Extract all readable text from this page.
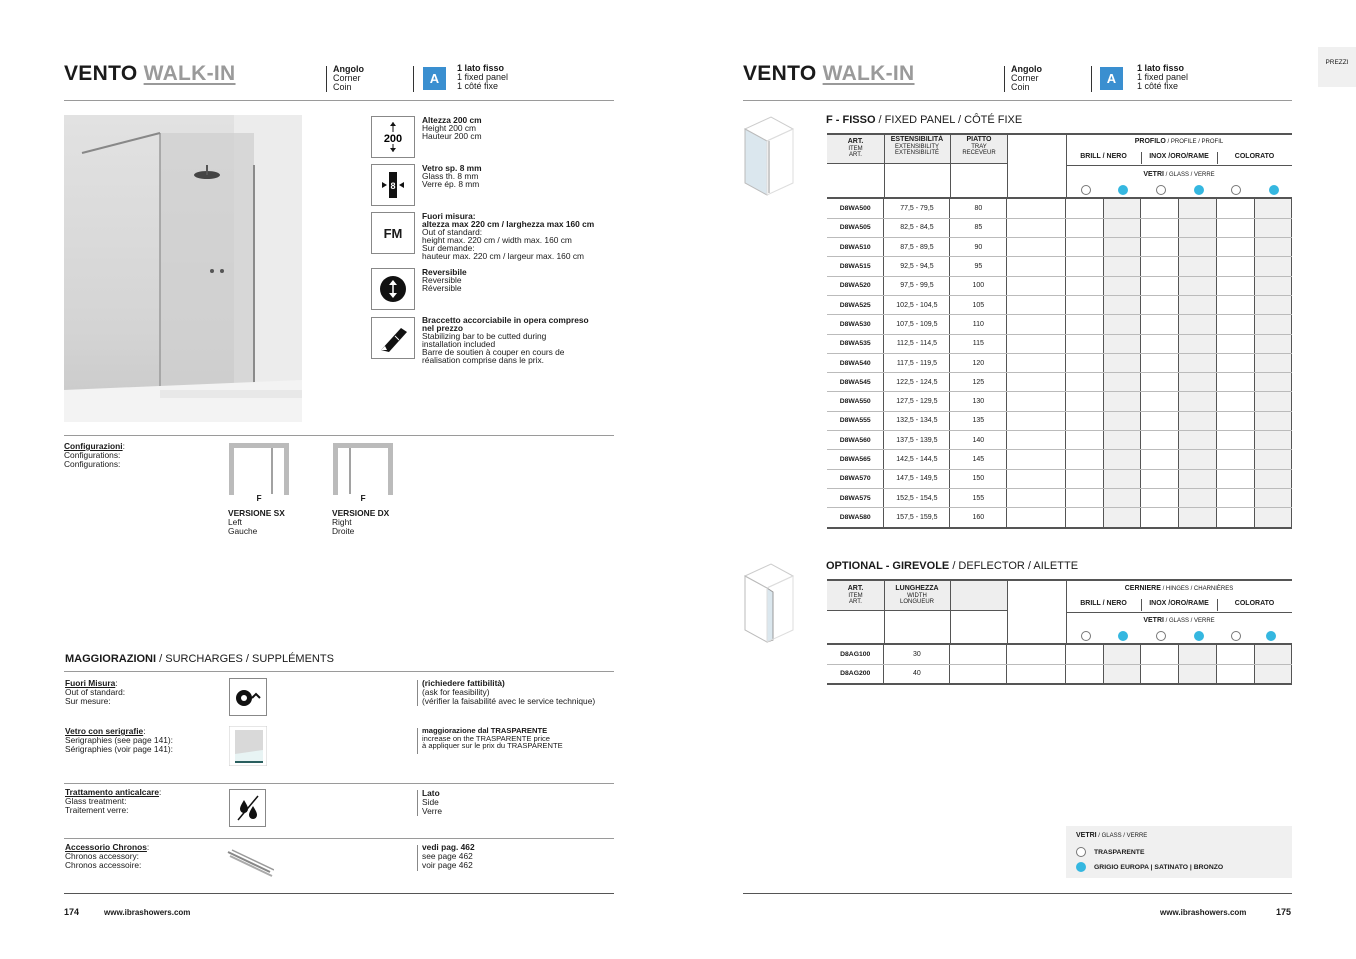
VENTO WALK-IN	Angolo
Corner
Coin
A
1 lato fisso
1 fixed panel
1 côté fixe
200
Altezza 200 cm
Height 200 cm
Hauteur 200 cm
8
Vetro sp. 8 mm
Glass th. 8 mm
Verre ép. 8 mm
FM
Fuori misura:
altezza max 220 cm / larghezza max 160 cm
Out of standard:
height max. 220 cm / width max. 160 cm
Sur demande:
hauteur max. 220 cm / largeur max. 160 cm
Reversibile
Reversible
Réversible
Braccetto accorciabile in opera compreso
nel prezzo
Stabilizing bar to be cutted during
installation included
Barre de soutien à couper en cours de
réalisation comprise dans le prix.
Configurazioni:
Configurations:
Configurations:
F
VERSIONE SX
Left
Gauche
F
VERSIONE DX
Right
Droite
MAGGIORAZIONI / SURCHARGES / SUPPLÉMENTS
Fuori Misura:
Out of standard:
Sur mesure:
(richiedere fattibilità)
(ask for feasibility)
(vérifier la faisabilité avec le service technique)
Vetro con serigrafie:
Serigraphies (see page 141):
Sérigraphies (voir page 141):
maggiorazione dal TRASPARENTE
increase on the TRASPARENTE price
à appliquer sur le prix du TRASPARENTE
Trattamento anticalcare:
Glass treatment:
Traitement verre:
Lato
Side
Verre
Accessorio Chronos:
Chronos accessory:
Chronos accessoire:
vedi pag. 462
see page 462
voir page 462
174	www.ibrashowers.com
PREZZI
VENTO WALK-IN	Angolo
Corner
Coin
A
1 lato fisso
1 fixed panel
1 côté fixe
F - FISSO / FIXED PANEL / CÔTÉ FIXE
ART.
ITEM
ART.
ESTENSIBILITÀ
EXTENSIBILITY
EXTENSIBILITÉ
PIATTO
TRAY
RECEVEUR
PROFILO / PROFILE / PROFIL
BRILL / NERO	INOX /ORO/RAME	COLORATO
VETRI / GLASS / VERRE
D8WA500	77,5 - 79,5	80							
D8WA505	82,5 - 84,5	85							
D8WA510	87,5 - 89,5	90							
D8WA515	92,5 - 94,5	95							
D8WA520	97,5 - 99,5	100							
D8WA525	102,5 - 104,5	105							
D8WA530	107,5 - 109,5	110							
D8WA535	112,5 - 114,5	115							
D8WA540	117,5 - 119,5	120							
D8WA545	122,5 - 124,5	125							
D8WA550	127,5 - 129,5	130							
D8WA555	132,5 - 134,5	135							
D8WA560	137,5 - 139,5	140							
D8WA565	142,5 - 144,5	145							
D8WA570	147,5 - 149,5	150							
D8WA575	152,5 - 154,5	155							
D8WA580	157,5 - 159,5	160							
OPTIONAL - GIREVOLE / DEFLECTOR / AILETTE
ART.
ITEM
ART.
LUNGHEZZA
WIDTH
LONGUEUR
CERNIERE / HINGES / CHARNIÈRES
BRILL / NERO	INOX /ORO/RAME	COLORATO
VETRI / GLASS / VERRE
D8AG100	30								
D8AG200	40								
VETRI / GLASS / VERRE
TRASPARENTE
GRIGIO EUROPA | SATINATO | BRONZO
www.ibrashowers.com	175
